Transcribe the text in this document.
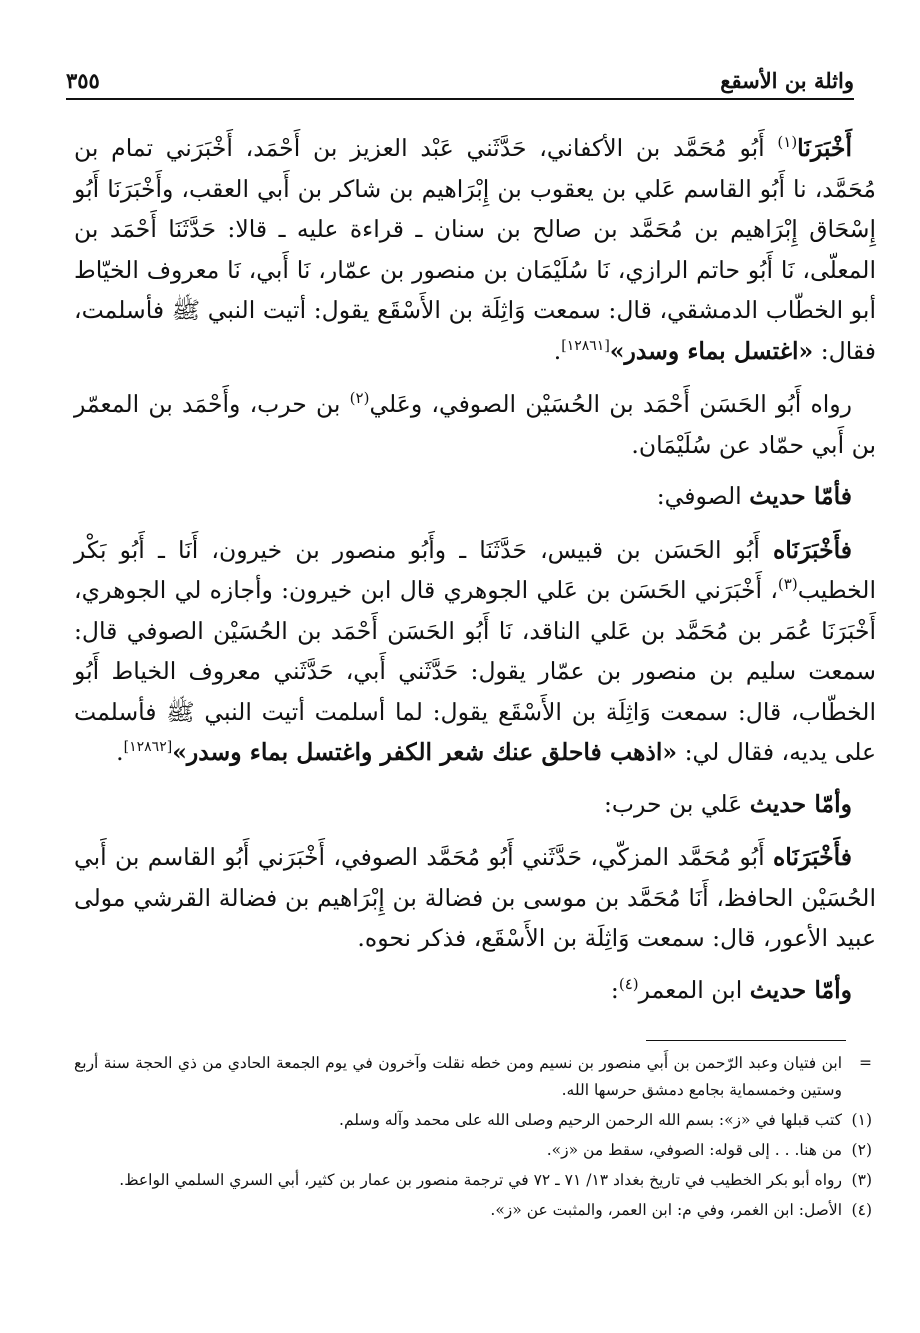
واثلة بن الأسقع
٣٥٥

أَخْبَرَنَا$^{(١)}$ أَبُو مُحَمَّد بن الأكفاني، حَدَّثَني عَبْد العزيز بن أَحْمَد، أَخْبَرَني تمام بن مُحَمَّد، نا أَبُو القاسم عَلي بن يعقوب بن إِبْرَاهيم بن شاكر بن أَبي العقب، وأَخْبَرَنَا أَبُو إِسْحَاق إِبْرَاهيم بن مُحَمَّد بن صالح بن سنان ـ قراءة عليه ـ قالا: حَدَّثَنَا أَحْمَد بن المعلّى، نَا أَبُو حاتم الرازي، نَا سُلَيْمَان بن منصور بن عمّار، نَا أَبي، نَا معروف الخيّاط أبو الخطّاب الدمشقي، قال: سمعت وَاثِلَة بن الأَسْقَع يقول: أتيت النبي ﷺ فأسلمت، فقال: «اغتسل بماء وسدر»[١٢٨٦١].

رواه أَبُو الحَسَن أَحْمَد بن الحُسَيْن الصوفي، وعَلي$^{(٢)}$ بن حرب، وأَحْمَد بن المعمّر بن أَبي حمّاد عن سُلَيْمَان.

فأمّا حديث الصوفي:

فأَخْبَرَنَاه أَبُو الحَسَن بن قبيس، حَدَّثَنَا ـ وأَبُو منصور بن خيرون، أَنَا ـ أَبُو بَكْر الخطيب$^{(٣)}$، أَخْبَرَني الحَسَن بن عَلي الجوهري قال ابن خيرون: وأجازه لي الجوهري، أَخْبَرَنَا عُمَر بن مُحَمَّد بن عَلي الناقد، نَا أَبُو الحَسَن أَحْمَد بن الحُسَيْن الصوفي قال: سمعت سليم بن منصور بن عمّار يقول: حَدَّثَني أَبي، حَدَّثَني معروف الخياط أَبُو الخطّاب، قال: سمعت وَاثِلَة بن الأَسْقَع يقول: لما أسلمت أتيت النبي ﷺ فأسلمت على يديه، فقال لي: «اذهب فاحلق عنك شعر الكفر واغتسل بماء وسدر»[١٢٨٦٢].

وأمّا حديث عَلي بن حرب:

فأَخْبَرَنَاه أَبُو مُحَمَّد المزكّي، حَدَّثَني أَبُو مُحَمَّد الصوفي، أَخْبَرَني أَبُو القاسم بن أَبي الحُسَيْن الحافظ، أَنَا مُحَمَّد بن موسى بن فضالة بن إِبْرَاهيم بن فضالة القرشي مولى عبيد الأعور، قال: سمعت وَاثِلَة بن الأَسْقَع، فذكر نحوه.

وأمّا حديث ابن المعمر$^{(٤)}$:

=
ابن فتيان وعبد الرّحمن بن أَبي منصور بن نسيم ومن خطه نقلت وآخرون في يوم الجمعة الحادي من ذي الحجة سنة أربع وستين وخمسماية بجامع دمشق حرسها الله.
(١)
كتب قبلها في «ز»: بسم الله الرحمن الرحيم وصلى الله على محمد وآله وسلم.
(٢)
من هنا. . . إلى قوله: الصوفي، سقط من «ز».
(٣)
رواه أبو بكر الخطيب في تاريخ بغداد ١٣/ ٧١ ـ ٧٢ في ترجمة منصور بن عمار بن كثير، أبي السري السلمي الواعظ.
(٤)
الأصل: ابن الغمر، وفي م: ابن العمر، والمثبت عن «ز».
